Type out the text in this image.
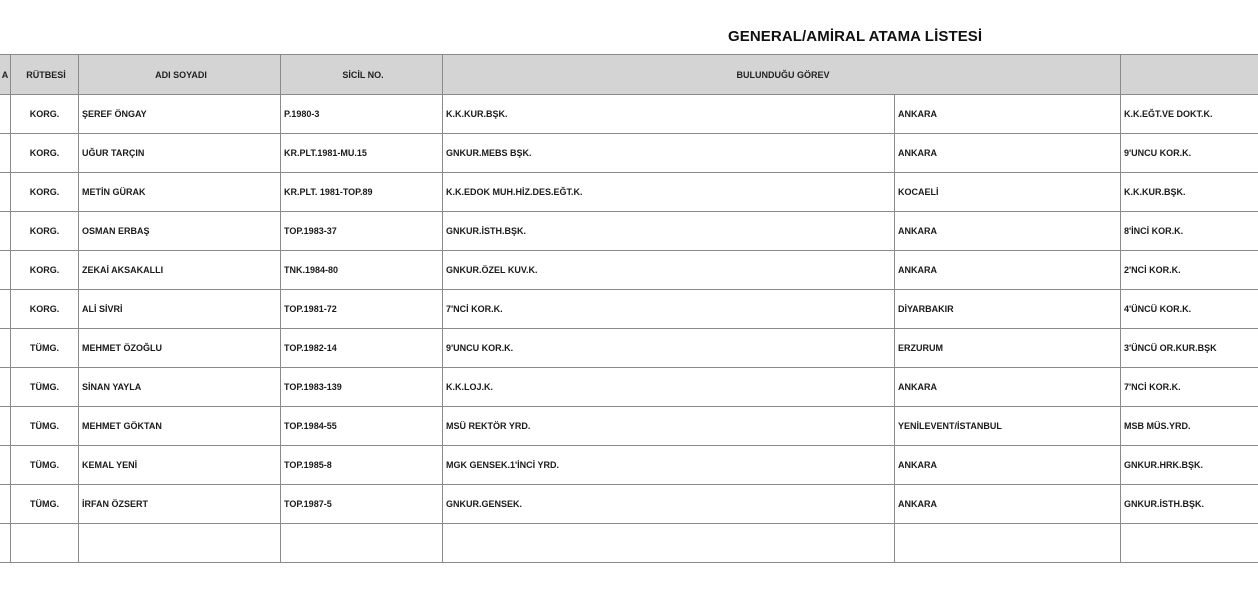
GENERAL/AMİRAL ATAMA LİSTESİ
A	RÜTBESİ	ADI SOYADI	SİCİL NO.	BULUNDUĞU GÖREV		
	KORG.	ŞEREF ÖNGAY	P.1980-3	K.K.KUR.BŞK.	ANKARA	K.K.EĞT.VE DOKT.K.
	KORG.	UĞUR TARÇIN	KR.PLT.1981-MU.15	GNKUR.MEBS BŞK.	ANKARA	9'UNCU KOR.K.
	KORG.	METİN GÜRAK	KR.PLT. 1981-TOP.89	K.K.EDOK MUH.HİZ.DES.EĞT.K.	KOCAELİ	K.K.KUR.BŞK.
	KORG.	OSMAN ERBAŞ	TOP.1983-37	GNKUR.İSTH.BŞK.	ANKARA	8'İNCİ KOR.K.
	KORG.	ZEKAİ AKSAKALLI	TNK.1984-80	GNKUR.ÖZEL KUV.K.	ANKARA	2'NCİ KOR.K.
	KORG.	ALİ SİVRİ	TOP.1981-72	7'NCİ KOR.K.	DİYARBAKIR	4'ÜNCÜ KOR.K.
	TÜMG.	MEHMET ÖZOĞLU	TOP.1982-14	9'UNCU KOR.K.	ERZURUM	3'ÜNCÜ OR.KUR.BŞK
	TÜMG.	SİNAN YAYLA	TOP.1983-139	K.K.LOJ.K.	ANKARA	7'NCİ KOR.K.
	TÜMG.	MEHMET GÖKTAN	TOP.1984-55	MSÜ REKTÖR YRD.	YENİLEVENT/İSTANBUL	MSB MÜS.YRD.
	TÜMG.	KEMAL YENİ	TOP.1985-8	MGK GENSEK.1'İNCİ YRD.	ANKARA	GNKUR.HRK.BŞK.
	TÜMG.	İRFAN ÖZSERT	TOP.1987-5	GNKUR.GENSEK.	ANKARA	GNKUR.İSTH.BŞK.
